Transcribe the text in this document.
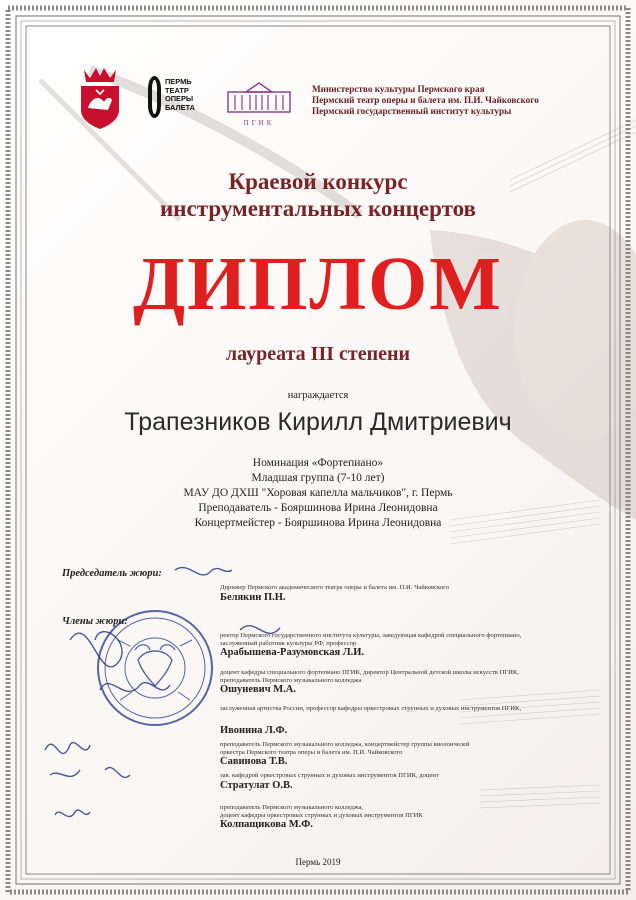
ПЕРМЬ
ТЕАТР
ОПЕРЫ
БАЛЕТА
ПГИК
Министерство культуры Пермского края
Пермский театр оперы и балета им. П.И. Чайковского
Пермский государственный институт культуры
Краевой конкурс
инструментальных концертов
ДИПЛОМ
лауреата III степени
награждается
Трапезников Кирилл Дмитриевич
Номинация «Фортепиано»
Младшая группа (7-10 лет)
МАУ ДО ДХШ "Хоровая капелла мальчиков", г. Пермь
Преподаватель - Бояршинова Ирина Леонидовна
Концертмейстер - Бояршинова Ирина Леонидовна
Председатель жюри:
Члены жюри:
Дирижер Пермского академического театра оперы и балета им. П.И. Чайковского
Белякин П.Н.
ректор Пермского государственного института культуры, заведующая кафедрой специального фортепиано,
заслуженный работник культуры РФ, профессор
Арабышева-Разумовская Л.И.
доцент кафедры специального фортепиано ПГИК, директор Центральной детской школы искусств ПГИК,
преподаватель Пермского музыкального колледжа
Ошуневич М.А.
заслуженная артистка России, профессор кафедры оркестровых струнных и духовых инструментов ПГИК,
Ивонина Л.Ф.
преподаватель Пермского музыкального колледжа, концертмейстер группы виолончелей
оркестра Пермского театра оперы и балета им. П.И. Чайковского
Савинова Т.В.
зав. кафедрой оркестровых струнных и духовых инструментов ПГИК, доцент
Стратулат О.В.
преподаватель Пермского музыкального колледжа,
доцент кафедры оркестровых струнных и духовых инструментов ПГИК
Колпащикова М.Ф.
Пермь 2019
